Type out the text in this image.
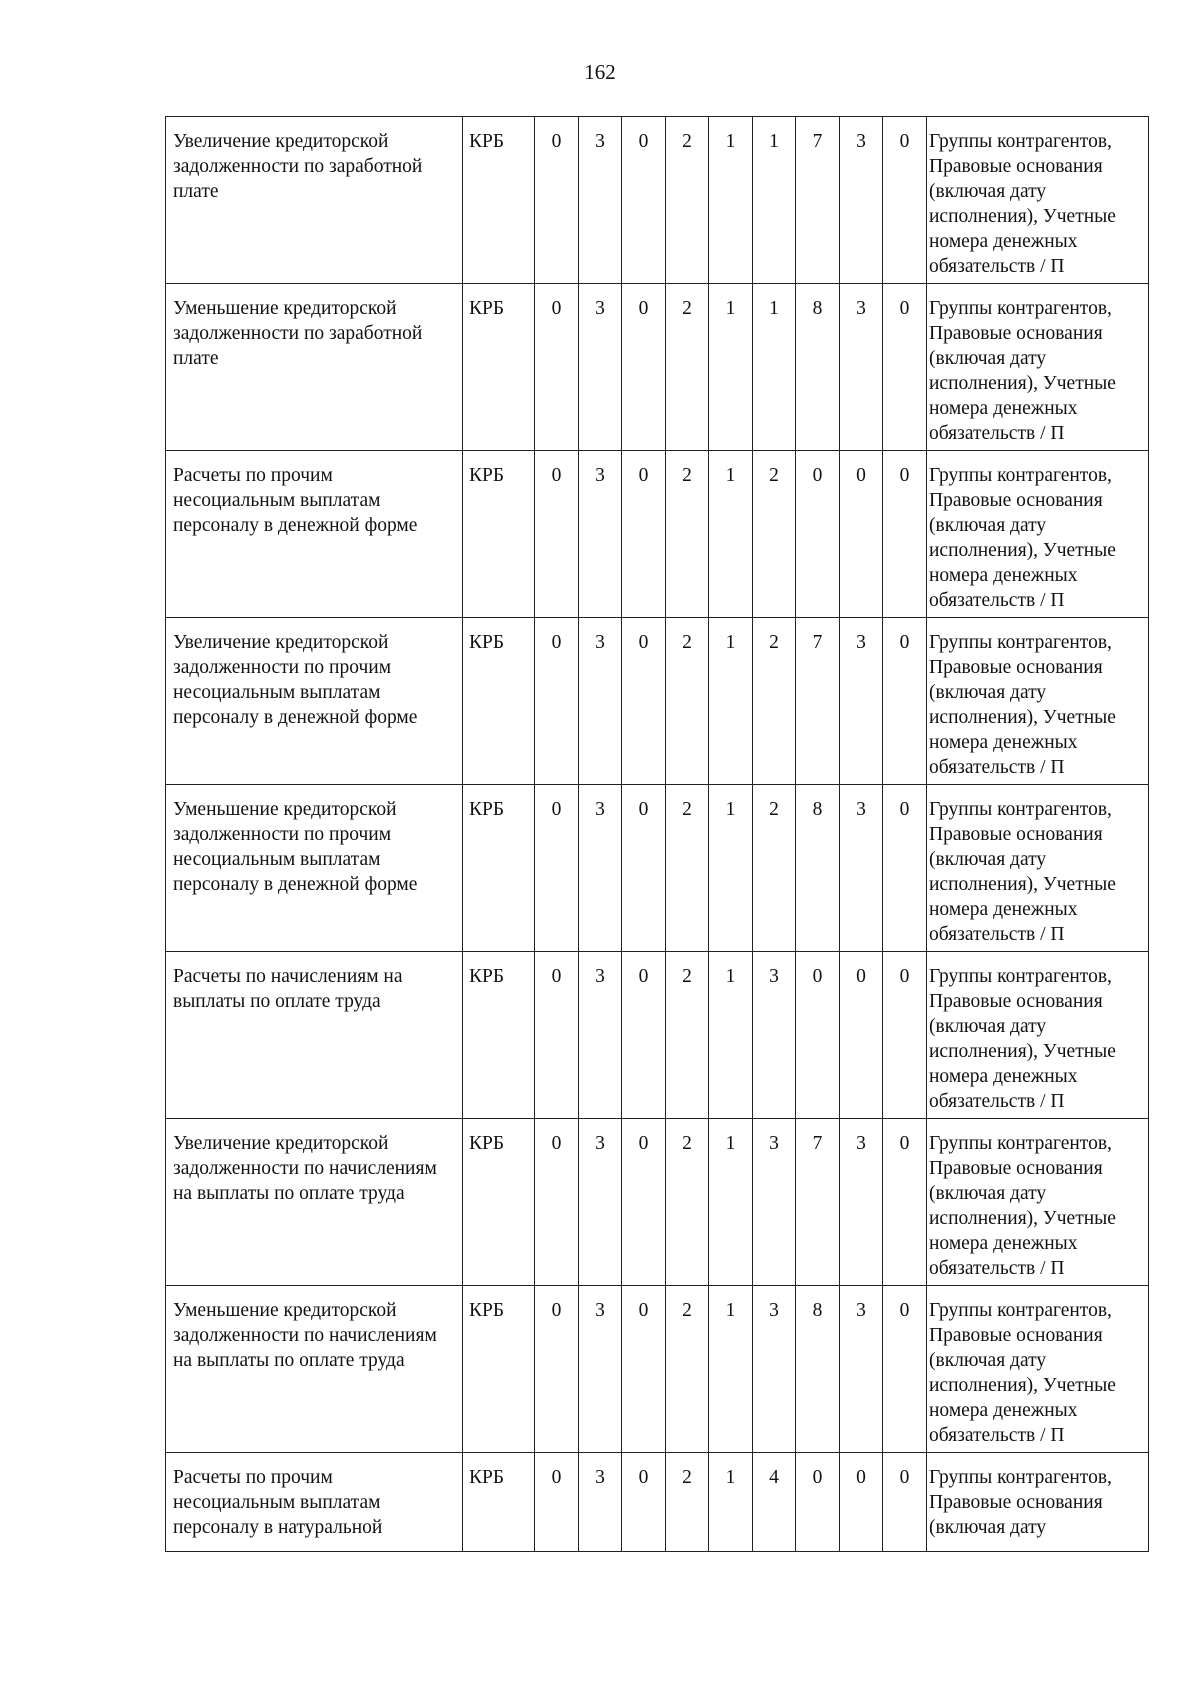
162
Увеличение кредиторской задолженности по заработной плате	КРБ	0	3	0	2	1	1	7	3	0	Группы контрагентов, Правовые основания (включая дату исполнения), Учетные номера денежных обязательств / П
Уменьшение кредиторской задолженности по заработной плате	КРБ	0	3	0	2	1	1	8	3	0	Группы контрагентов, Правовые основания (включая дату исполнения), Учетные номера денежных обязательств / П
Расчеты по прочим несоциальным выплатам персоналу в денежной форме	КРБ	0	3	0	2	1	2	0	0	0	Группы контрагентов, Правовые основания (включая дату исполнения), Учетные номера денежных обязательств / П
Увеличение кредиторской задолженности по прочим несоциальным выплатам персоналу в денежной форме	КРБ	0	3	0	2	1	2	7	3	0	Группы контрагентов, Правовые основания (включая дату исполнения), Учетные номера денежных обязательств / П
Уменьшение кредиторской задолженности по прочим несоциальным выплатам персоналу в денежной форме	КРБ	0	3	0	2	1	2	8	3	0	Группы контрагентов, Правовые основания (включая дату исполнения), Учетные номера денежных обязательств / П
Расчеты по начислениям на выплаты по оплате труда	КРБ	0	3	0	2	1	3	0	0	0	Группы контрагентов, Правовые основания (включая дату исполнения), Учетные номера денежных обязательств / П
Увеличение кредиторской задолженности по начислениям на выплаты по оплате труда	КРБ	0	3	0	2	1	3	7	3	0	Группы контрагентов, Правовые основания (включая дату исполнения), Учетные номера денежных обязательств / П
Уменьшение кредиторской задолженности по начислениям на выплаты по оплате труда	КРБ	0	3	0	2	1	3	8	3	0	Группы контрагентов, Правовые основания (включая дату исполнения), Учетные номера денежных обязательств / П

Расчеты по прочим несоциальным выплатам персоналу в натуральной	КРБ	0	3	0	2	1	4	0	0	0	Группы контрагентов, Правовые основания (включая дату
